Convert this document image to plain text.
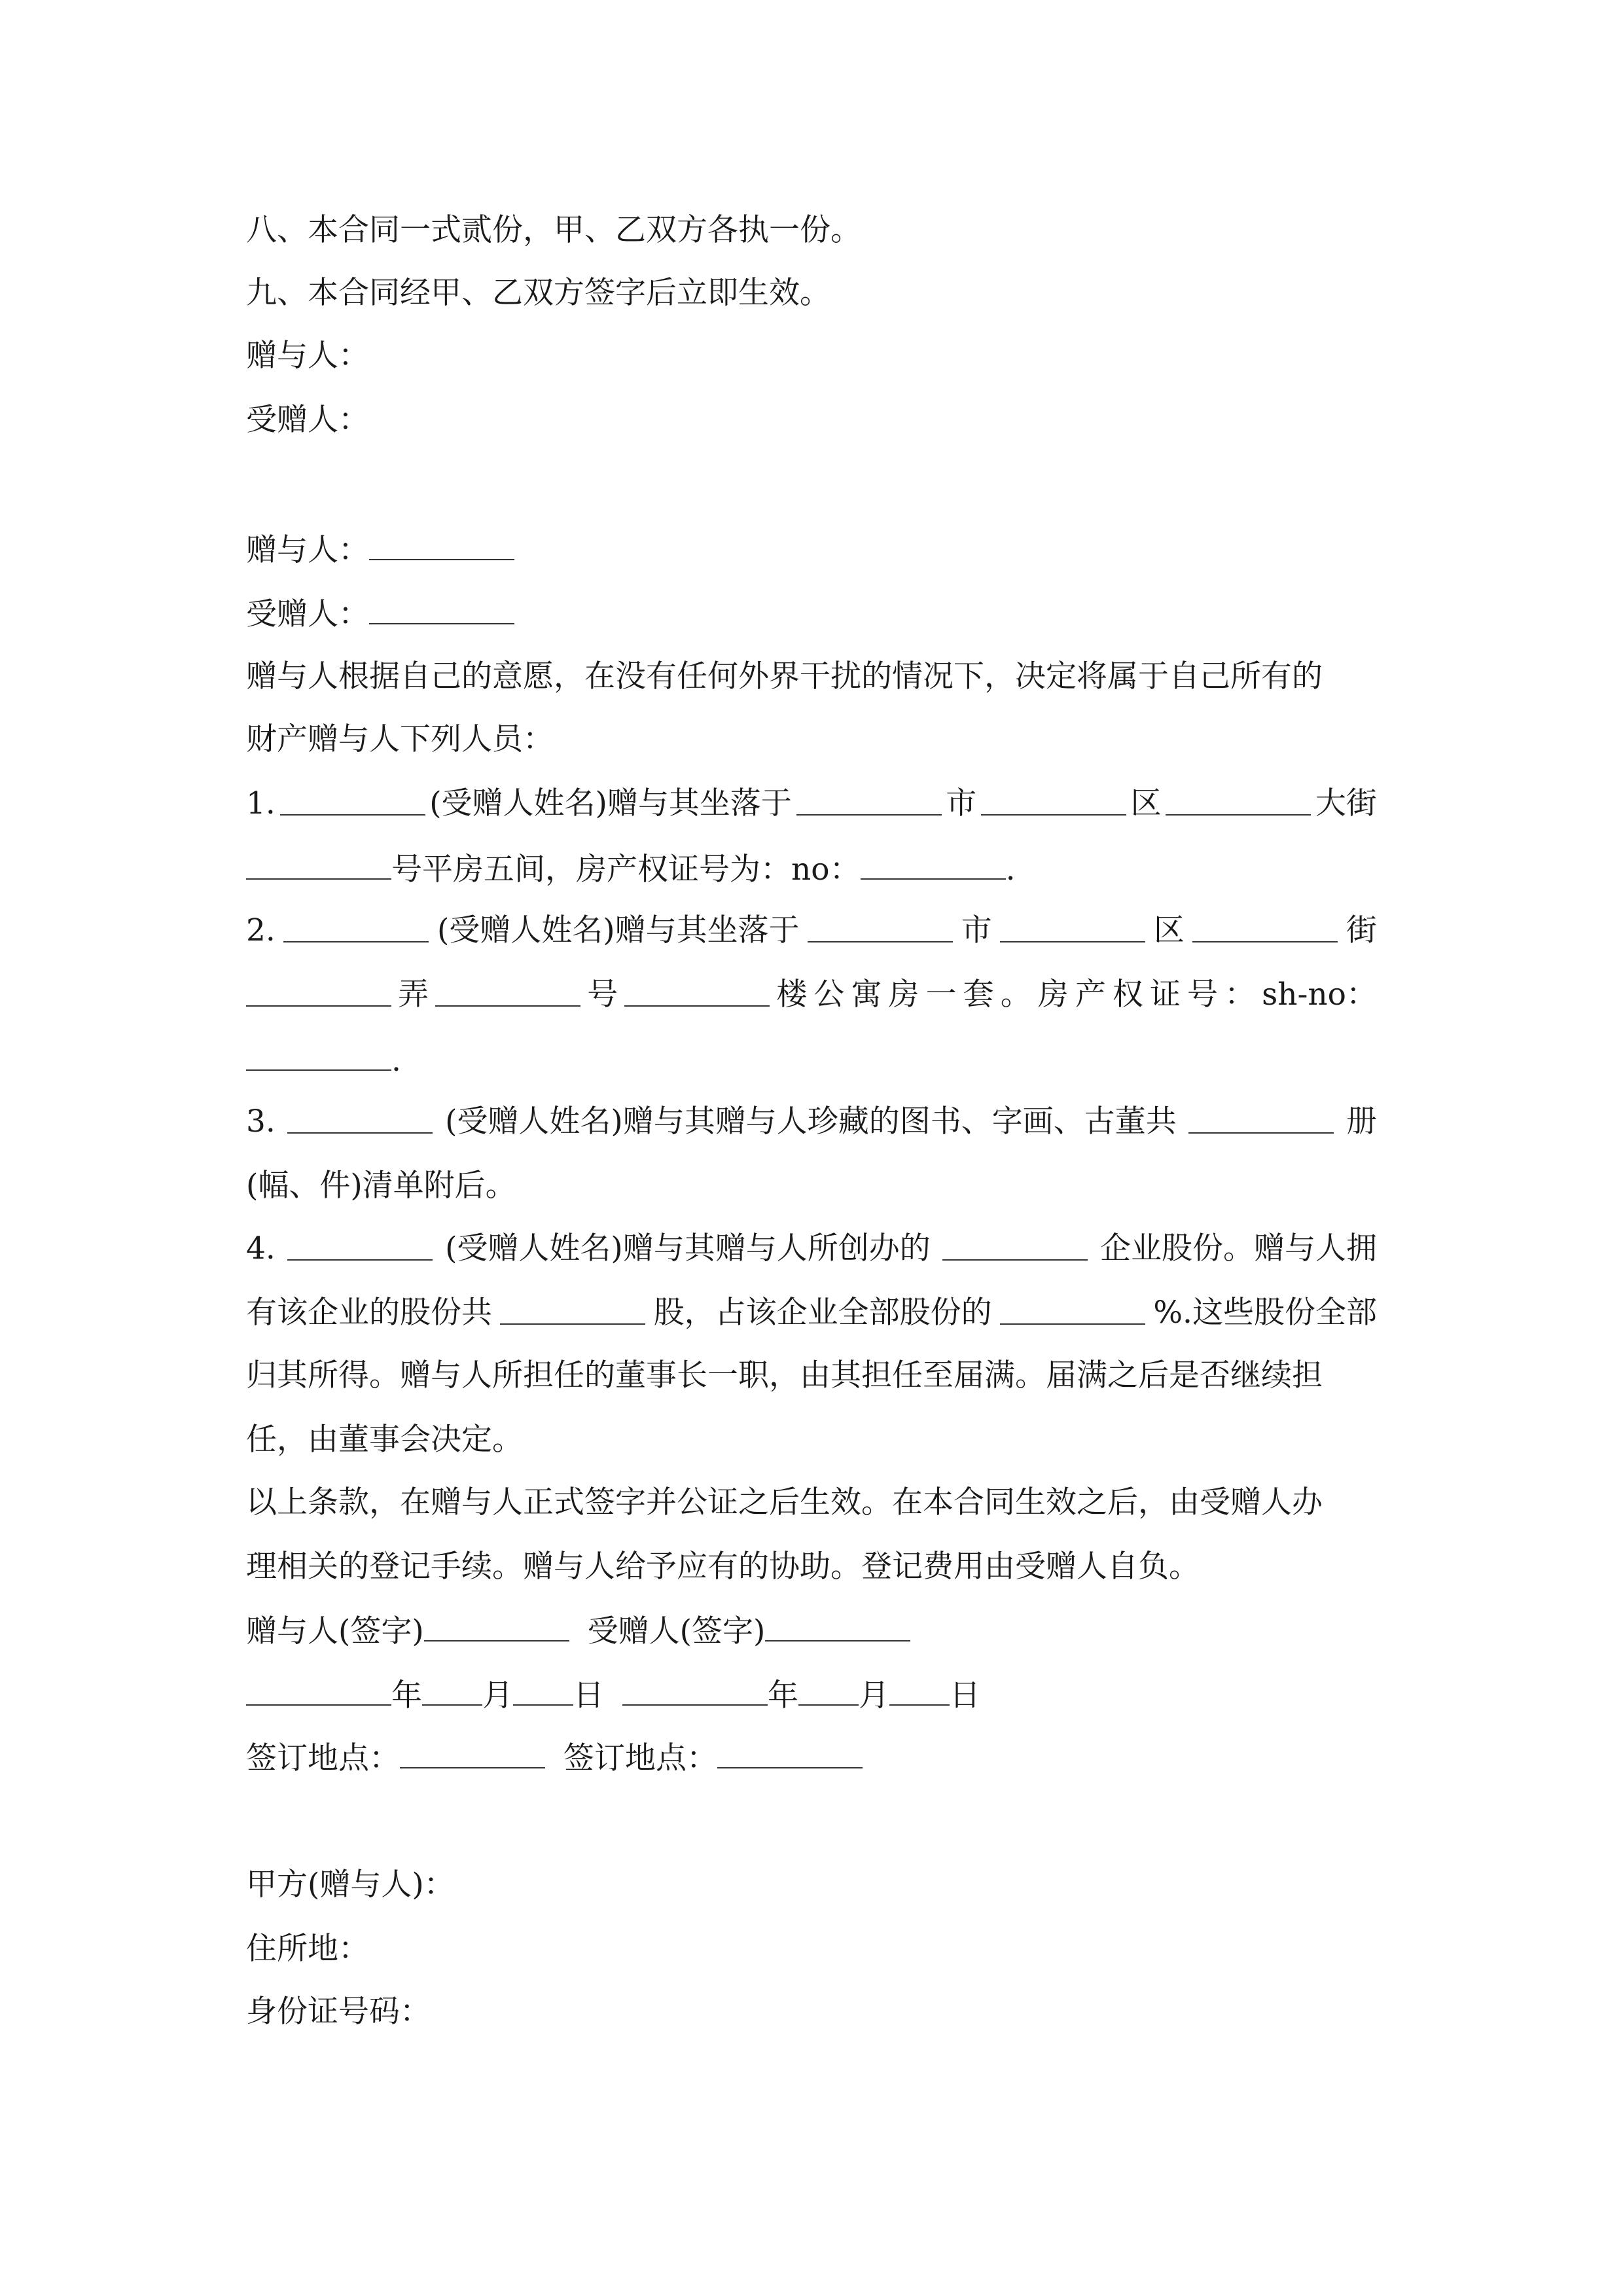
八、本合同一式贰份，甲、乙双方各执一份。
九、本合同经甲、乙双方签字后立即生效。
赠与人：
受赠人：
赠与人：
受赠人：
赠与人根据自己的意愿，在没有任何外界干扰的情况下，决定将属于自己所有的
财产赠与人下列人员：
1.	(受赠人姓名)赠与其坐落于	市	区	大街
号平房五间，房产权证号为：no：	.
2.	(受赠人姓名)赠与其坐落于	市	区	街
弄	号	楼 公 寓 房 一 套 。 房 产 权 证 号 ： sh-no：
.
3.	(受赠人姓名)赠与其赠与人珍藏的图书、字画、古董共	册
(幅、件)清单附后。
4.	(受赠人姓名)赠与其赠与人所创办的	企业股份。赠与人拥
有该企业的股份共	股，占该企业全部股份的	%.这些股份全部
归其所得。赠与人所担任的董事长一职，由其担任至届满。届满之后是否继续担
任，由董事会决定。
以上条款，在赠与人正式签字并公证之后生效。在本合同生效之后，由受赠人办
理相关的登记手续。赠与人给予应有的协助。登记费用由受赠人自负。
赠与人(签字)	受赠人(签字)
年 月 日	年 月 日
签订地点：	签订地点：
甲方(赠与人)：
住所地：
身份证号码：
